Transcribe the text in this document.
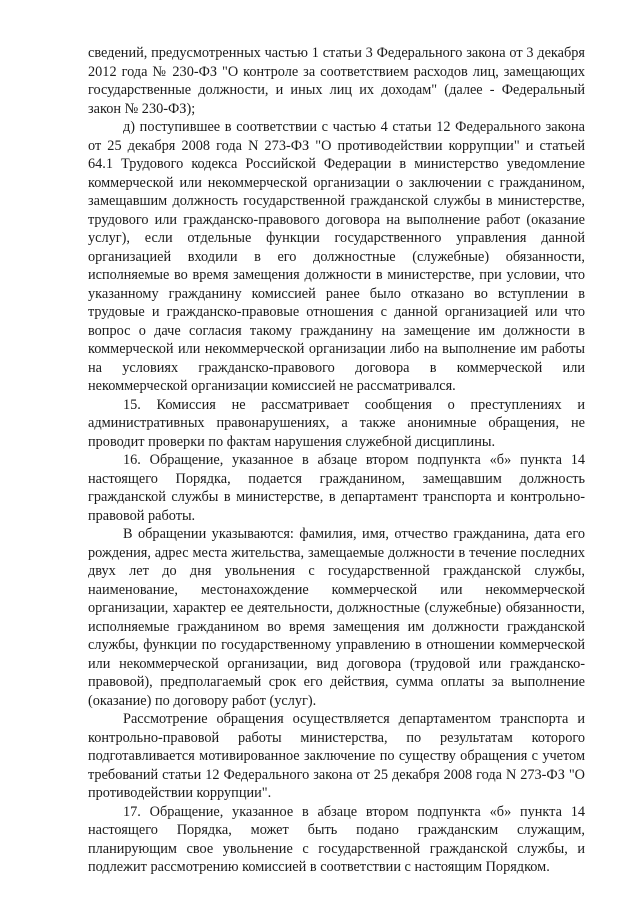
сведений, предусмотренных частью 1 статьи 3 Федерального закона от 3 декабря 2012 года № 230-ФЗ "О контроле за соответствием расходов лиц, замещающих государственные должности, и иных лиц их доходам" (далее - Федеральный закон № 230-ФЗ);

д) поступившее в соответствии с частью 4 статьи 12 Федерального закона от 25 декабря 2008 года N 273-ФЗ "О противодействии коррупции" и статьей 64.1 Трудового кодекса Российской Федерации в министерство уведомление коммерческой или некоммерческой организации о заключении с гражданином, замещавшим должность государственной гражданской службы в министерстве, трудового или гражданско-правового договора на выполнение работ (оказание услуг), если отдельные функции государственного управления данной организацией входили в его должностные (служебные) обязанности, исполняемые во время замещения должности в министерстве, при условии, что указанному гражданину комиссией ранее было отказано во вступлении в трудовые и гражданско-правовые отношения с данной организацией или что вопрос о даче согласия такому гражданину на замещение им должности в коммерческой или некоммерческой организации либо на выполнение им работы на условиях гражданско-правового договора в коммерческой или некоммерческой организации комиссией не рассматривался.

15. Комиссия не рассматривает сообщения о преступлениях и административных правонарушениях, а также анонимные обращения, не проводит проверки по фактам нарушения служебной дисциплины.

16. Обращение, указанное в абзаце втором подпункта «б» пункта 14 настоящего Порядка, подается гражданином, замещавшим должность гражданской службы в министерстве, в департамент транспорта и контрольно-правовой работы.

В обращении указываются: фамилия, имя, отчество гражданина, дата его рождения, адрес места жительства, замещаемые должности в течение последних двух лет до дня увольнения с государственной гражданской службы, наименование, местонахождение коммерческой или некоммерческой организации, характер ее деятельности, должностные (служебные) обязанности, исполняемые гражданином во время замещения им должности гражданской службы, функции по государственному управлению в отношении коммерческой или некоммерческой организации, вид договора (трудовой или гражданско-правовой), предполагаемый срок его действия, сумма оплаты за выполнение (оказание) по договору работ (услуг).

Рассмотрение обращения осуществляется департаментом транспорта и контрольно-правовой работы министерства, по результатам которого подготавливается мотивированное заключение по существу обращения с учетом требований статьи 12 Федерального закона от 25 декабря 2008 года N 273-ФЗ "О противодействии коррупции".

17. Обращение, указанное в абзаце втором подпункта «б» пункта 14 настоящего Порядка, может быть подано гражданским служащим, планирующим свое увольнение с государственной гражданской службы, и подлежит рассмотрению комиссией в соответствии с настоящим Порядком.
